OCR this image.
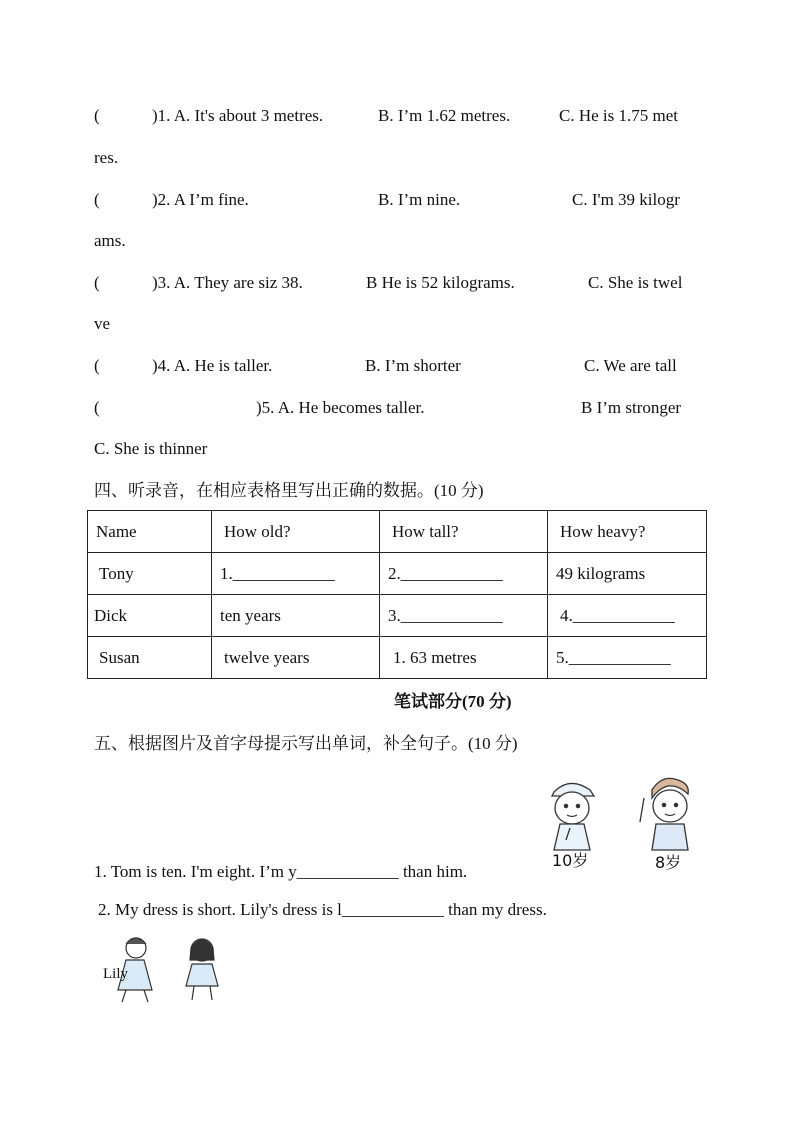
(	)1. A. It's about 3 metres.	B. I’m 1.62 metres.	C. He is 1.75 met
res.
(	)2. A I’m fine.	B. I’m nine.	C. I'm 39 kilogr
ams.
(	)3. A. They are siz 38.	B He is 52 kilograms.	C. She is twel
ve
(	)4. A. He is taller.	B. I’m shorter	C. We are tall
(	)5. A. He becomes taller.	B I’m stronger
C. She is thinner
四、听录音，在相应表格里写出正确的数据。(10 分)
Name	How old?	How tall?	How heavy?
Tony	1.____________	2.____________	49 kilograms
Dick	ten years	3.____________	4.____________
Susan	twelve years	1. 63 metres	5.____________
笔试部分(70 分)
五、根据图片及首字母提示写出单词，补全句子。(10 分)
10岁	8岁
1. Tom is ten. I'm eight. I’m y____________ than him.
2. My dress is short. Lily's dress is l____________ than my dress.
Lily
